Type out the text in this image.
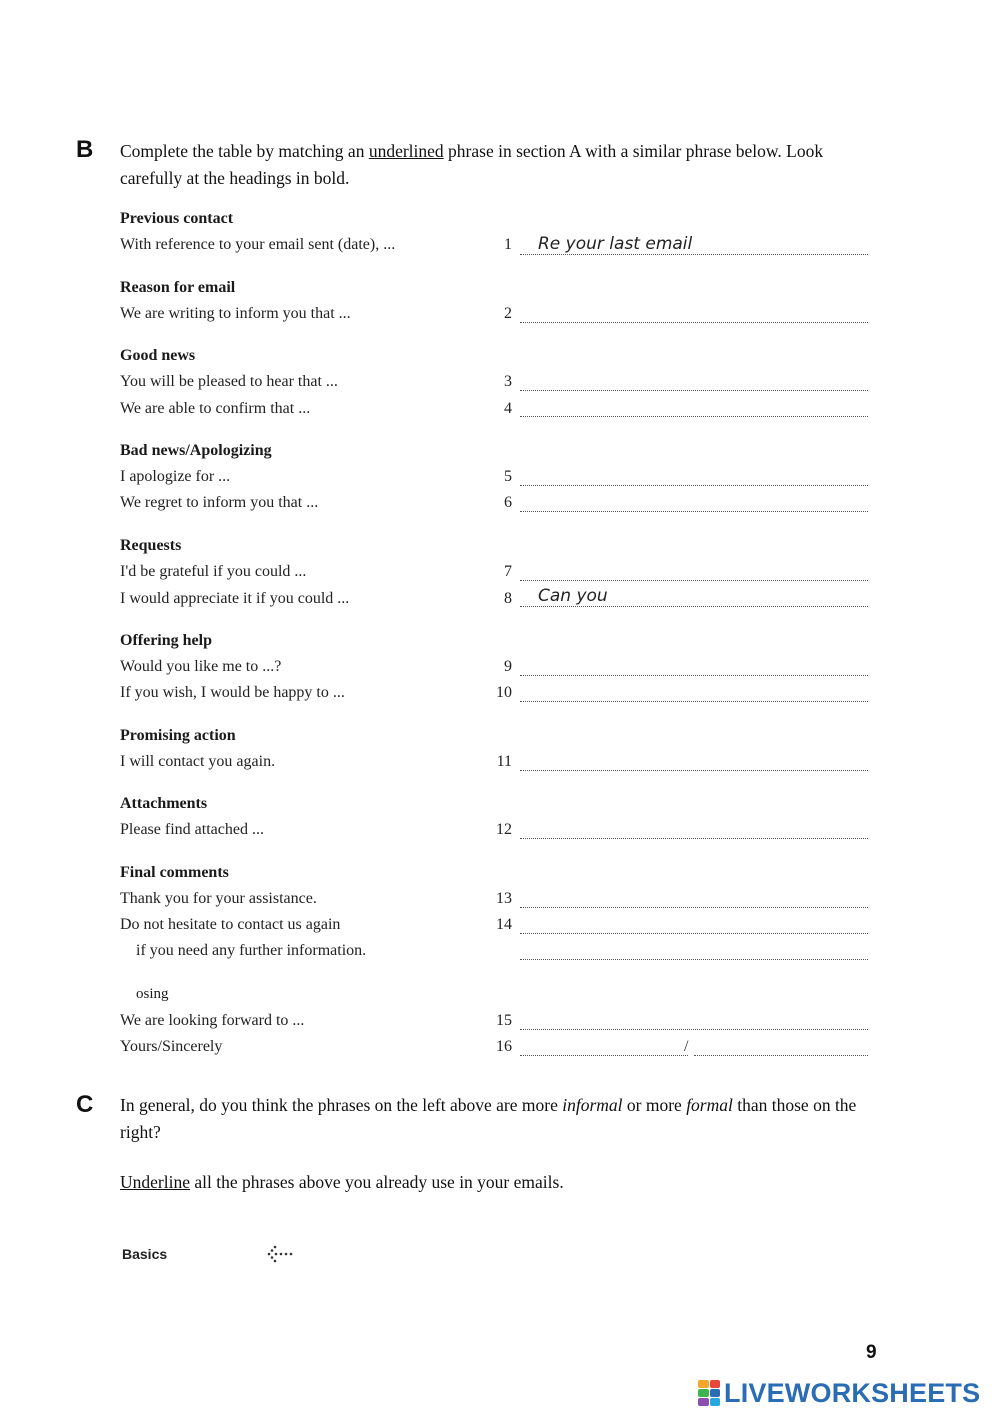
B Complete the table by matching an underlined phrase in section A with a similar phrase below. Look carefully at the headings in bold.
Previous contact
With reference to your email sent (date), ...	1
Re your last email
Reason for email
We are writing to inform you that ...	2
Good news
You will be pleased to hear that ...	3
We are able to confirm that ...	4
Bad news/Apologizing
I apologize for ...	5
We regret to inform you that ...	6
Requests
I'd be grateful if you could ...	7
I would appreciate it if you could ...	8
Can you
Offering help
Would you like me to ...?	9
If you wish, I would be happy to ...	10
Promising action
I will contact you again.	11
Attachments
Please find attached ...	12
Final comments
Thank you for your assistance.	13
Do not hesitate to contact us again	14
if you need any further information.
osing
We are looking forward to ...	15
Yours/Sincerely	16	/
C In general, do you think the phrases on the left above are more informal or more formal than those on the right?
Underline all the phrases above you already use in your emails.
Basics
9
LIVEWORKSHEETS
